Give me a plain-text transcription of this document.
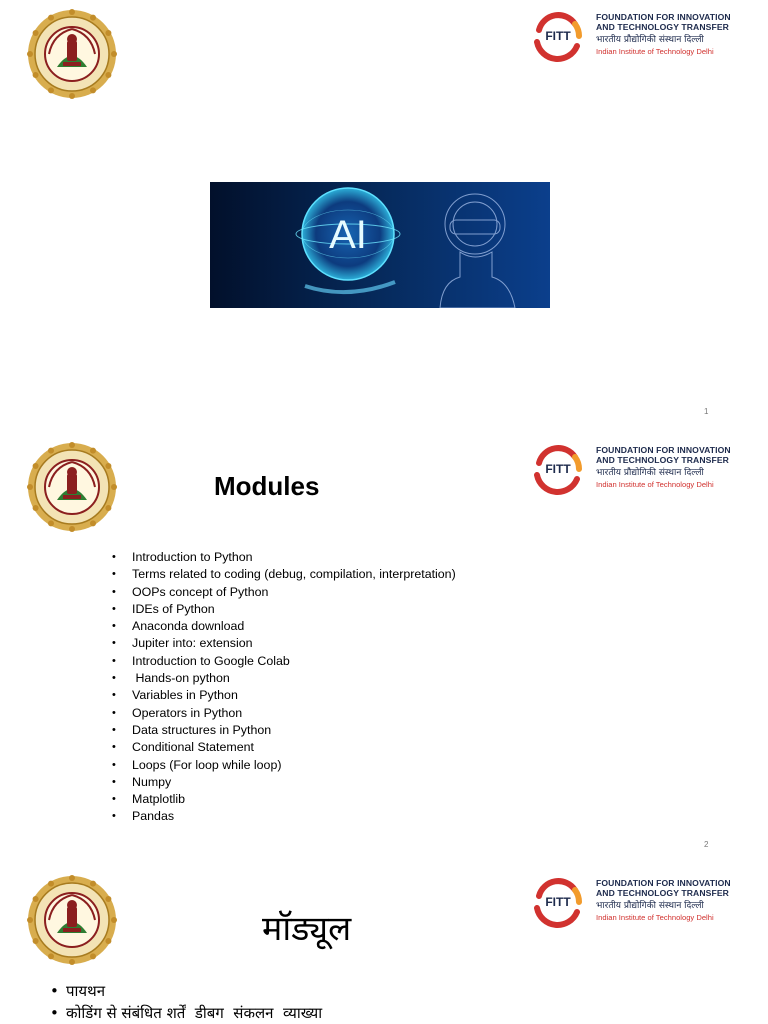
FITT
FOUNDATION FOR INNOVATION
AND TECHNOLOGY TRANSFER
भारतीय प्रौद्योगिकी संस्थान दिल्ली
Indian Institute of Technology Delhi
AI
1
FITT
FOUNDATION FOR INNOVATION
AND TECHNOLOGY TRANSFER
भारतीय प्रौद्योगिकी संस्थान दिल्ली
Indian Institute of Technology Delhi
Modules
• Introduction to Python
• Terms related to coding (debug, compilation, interpretation)
• OOPs concept of Python
• IDEs of Python
• Anaconda download
• Jupiter into: extension
• Introduction to Google Colab
•  Hands-on python
• Variables in Python
• Operators in Python
• Data structures in Python
• Conditional Statement
• Loops (For loop while loop)
• Numpy
• Matplotlib
• Pandas
2
FITT
FOUNDATION FOR INNOVATION
AND TECHNOLOGY TRANSFER
भारतीय प्रौद्योगिकी संस्थान दिल्ली
Indian Institute of Technology Delhi
मॉड्यूल
• पायथन
• कोडिंग से संबंधित शर्तें  डीबग  संकलन  व्याख्या
